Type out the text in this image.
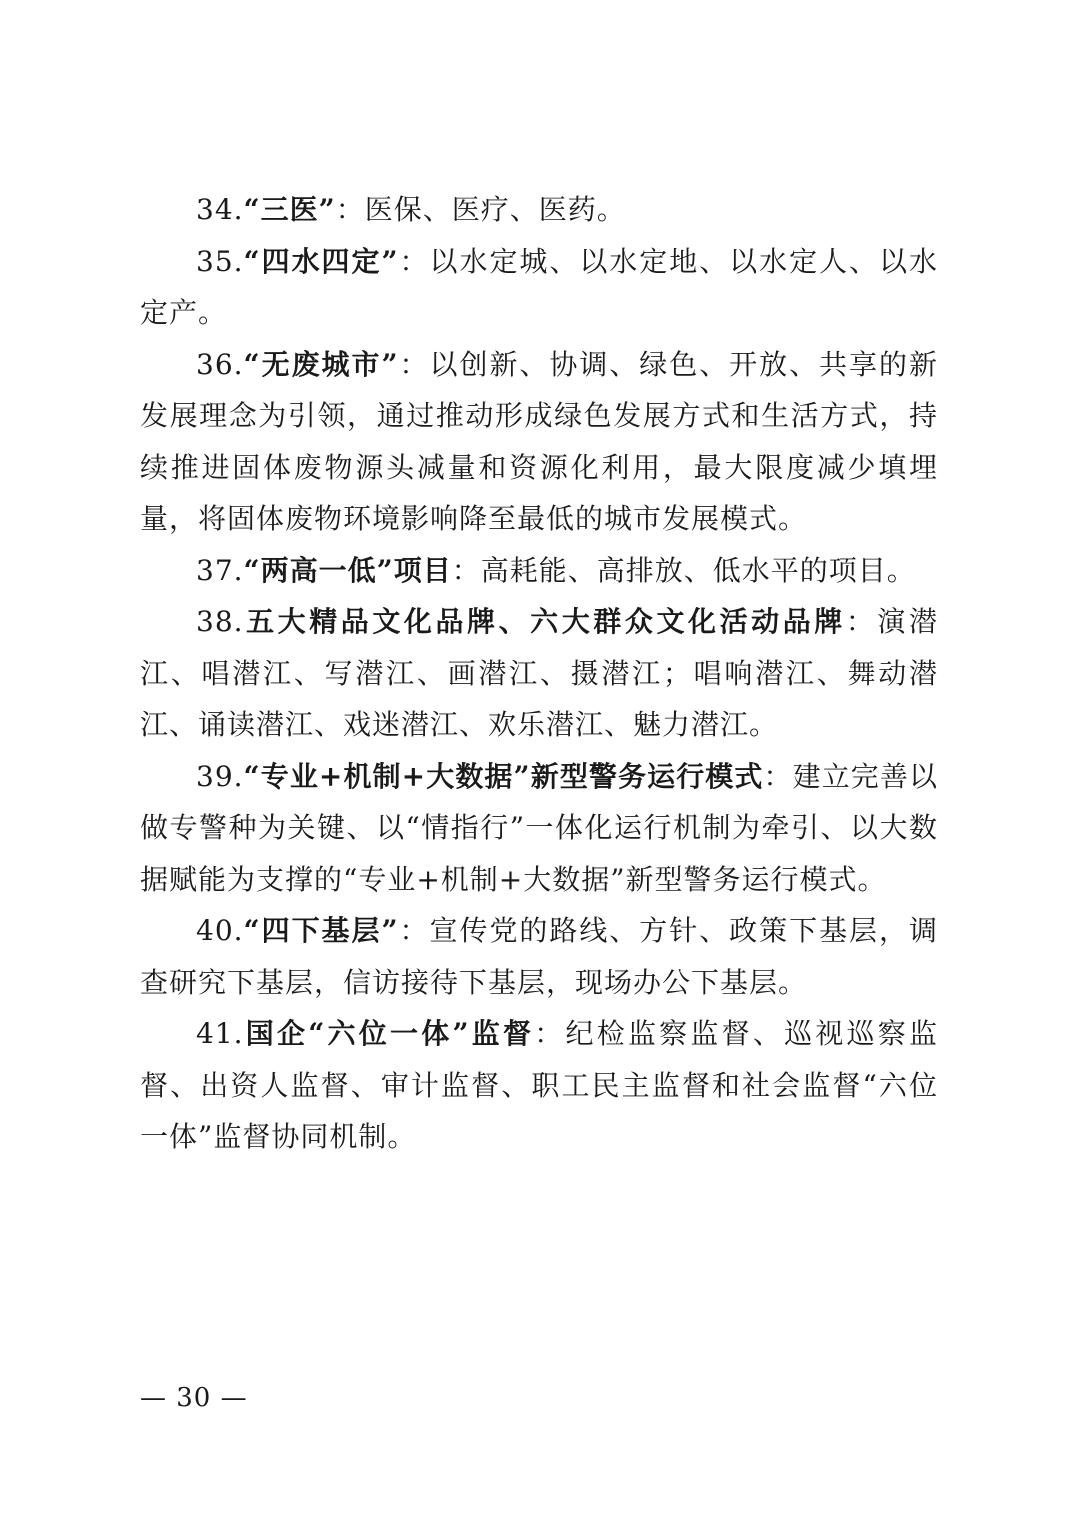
34.“三医”：医保、医疗、医药。

35.“四水四定”：以水定城、以水定地、以水定人、以水定产。

36.“无废城市”：以创新、协调、绿色、开放、共享的新发展理念为引领，通过推动形成绿色发展方式和生活方式，持续推进固体废物源头减量和资源化利用，最大限度减少填埋量，将固体废物环境影响降至最低的城市发展模式。

37.“两高一低”项目：高耗能、高排放、低水平的项目。

38.五大精品文化品牌、六大群众文化活动品牌：演潜江、唱潜江、写潜江、画潜江、摄潜江；唱响潜江、舞动潜江、诵读潜江、戏迷潜江、欢乐潜江、魅力潜江。

39.“专业+机制+大数据”新型警务运行模式：建立完善以做专警种为关键、以“情指行”一体化运行机制为牵引、以大数据赋能为支撑的“专业+机制+大数据”新型警务运行模式。

40.“四下基层”：宣传党的路线、方针、政策下基层，调查研究下基层，信访接待下基层，现场办公下基层。

41.国企“六位一体”监督：纪检监察监督、巡视巡察监督、出资人监督、审计监督、职工民主监督和社会监督“六位一体”监督协同机制。

— 30 —
